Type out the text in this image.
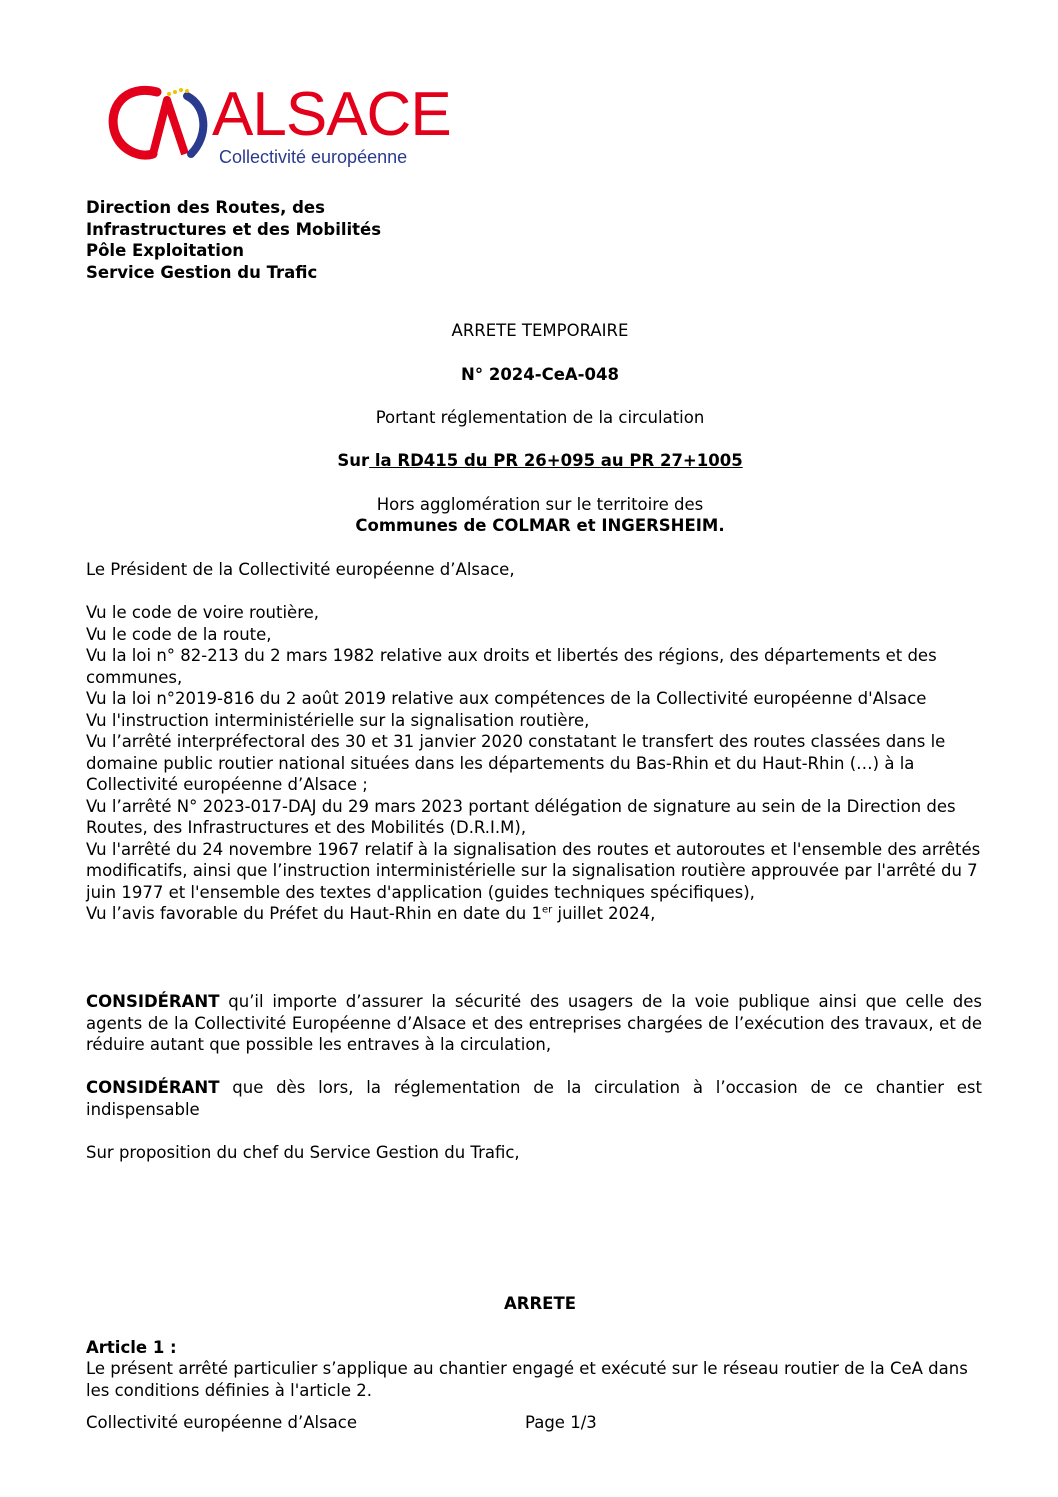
ALSACE
Collectivité européenne
Direction des Routes, des
Infrastructures et des Mobilités
Pôle Exploitation
Service Gestion du Trafic
ARRETE TEMPORAIRE
N° 2024-CeA-048
Portant réglementation de la circulation
Sur la RD415 du PR 26+095 au PR 27+1005
Hors agglomération sur le territoire des
Communes de COLMAR et INGERSHEIM.
Le Président de la Collectivité européenne d’Alsace,
Vu le code de voire routière,
Vu le code de la route,
Vu la loi n° 82-213 du 2 mars 1982 relative aux droits et libertés des régions, des départements et des communes,
Vu la loi n°2019-816 du 2 août 2019 relative aux compétences de la Collectivité européenne d'Alsace
Vu l'instruction interministérielle sur la signalisation routière,
Vu l’arrêté interpréfectoral des 30 et 31 janvier 2020 constatant le transfert des routes classées dans le domaine public routier national situées dans les départements du Bas-Rhin et du Haut-Rhin (…) à la Collectivité européenne d’Alsace ;
Vu l’arrêté N° 2023-017-DAJ du 29 mars 2023 portant délégation de signature au sein de la Direction des Routes, des Infrastructures et des Mobilités (D.R.I.M),
Vu l'arrêté du 24 novembre 1967 relatif à la signalisation des routes et autoroutes et l'ensemble des arrêtés modificatifs, ainsi que l’instruction interministérielle sur la signalisation routière approuvée par l'arrêté du 7 juin 1977 et l'ensemble des textes d'application (guides techniques spécifiques),
Vu l’avis favorable du Préfet du Haut-Rhin en date du 1er juillet 2024,
CONSIDÉRANT qu’il importe d’assurer la sécurité des usagers de la voie publique ainsi que celle des agents de la Collectivité Européenne d’Alsace et des entreprises chargées de l’exécution des travaux, et de réduire autant que possible les entraves à la circulation,
CONSIDÉRANT que dès lors, la réglementation de la circulation à l’occasion de ce chantier est indispensable
Sur proposition du chef du Service Gestion du Trafic,
ARRETE
Article 1 :
Le présent arrêté particulier s’applique au chantier engagé et exécuté sur le réseau routier de la CeA dans les conditions définies à l'article 2.
Collectivité européenne d’Alsace	Page 1/3
